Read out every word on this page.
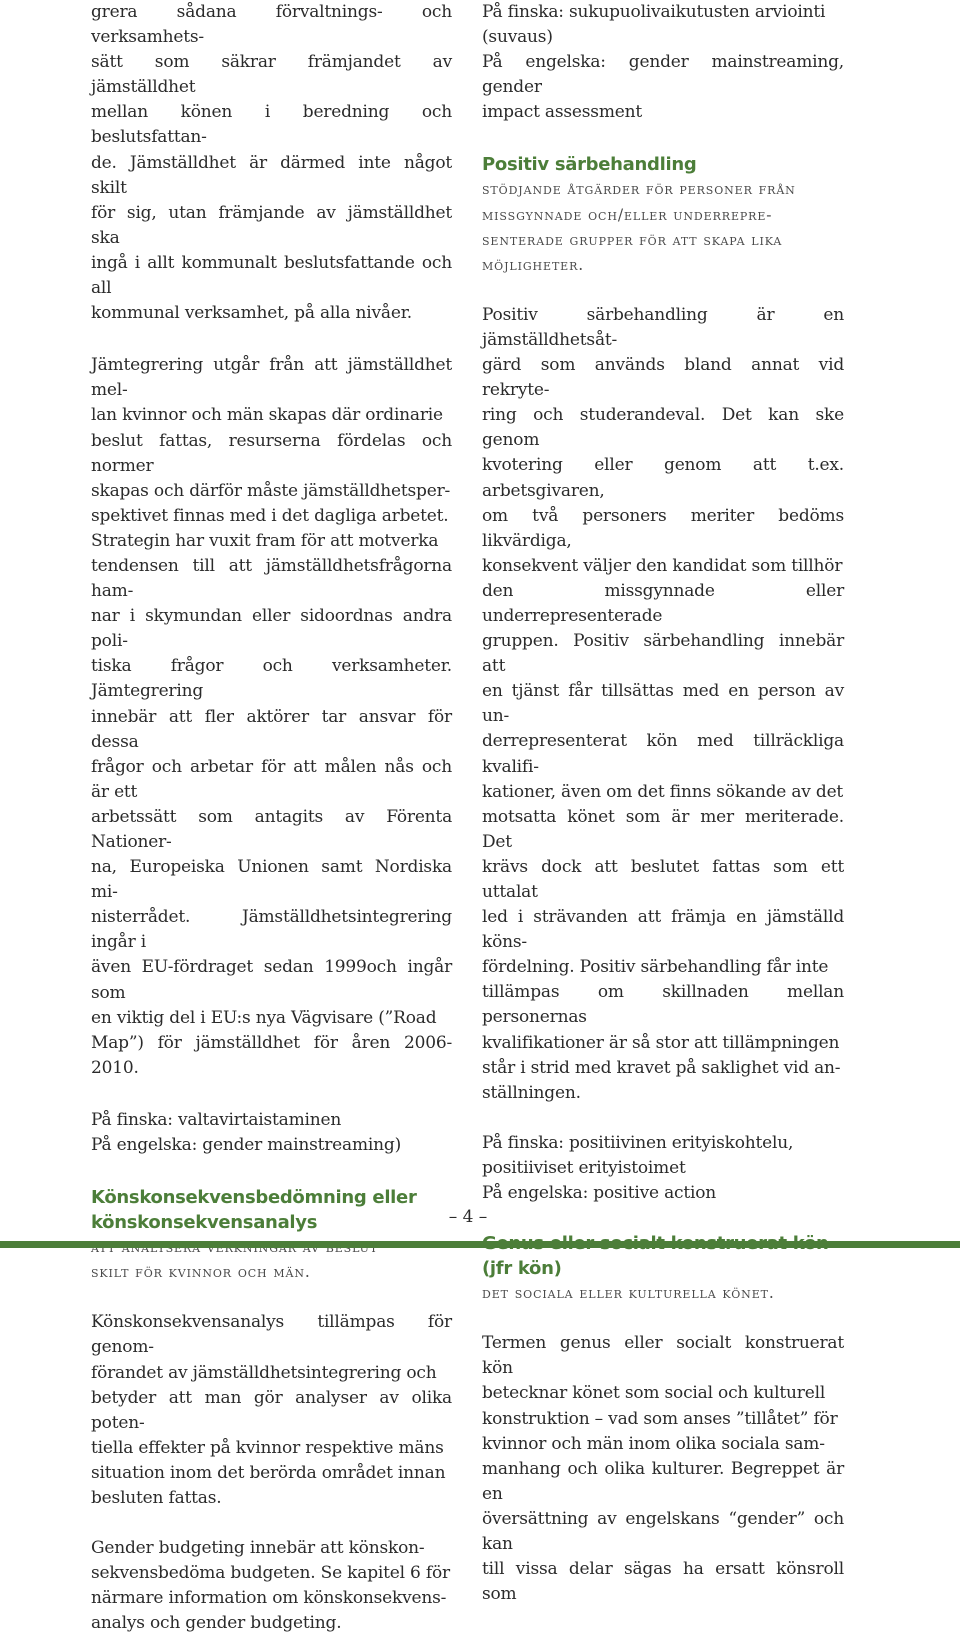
grera sådana förvaltnings- och verksamhets-
sätt som säkrar främjandet av jämställdhet
mellan könen i beredning och beslutsfattan-
de. Jämställdhet är därmed inte något skilt
för sig, utan främjande av jämställdhet ska
ingå i allt kommunalt beslutsfattande och all
kommunal verksamhet, på alla nivåer.

Jämtegrering utgår från att jämställdhet mel-
lan kvinnor och män skapas där ordinarie
beslut fattas, resurserna fördelas och normer
skapas och därför måste jämställdhetsper-
spektivet finnas med i det dagliga arbetet.
Strategin har vuxit fram för att motverka
tendensen till att jämställdhetsfrågorna ham-
nar i skymundan eller sidoordnas andra poli-
tiska frågor och verksamheter. Jämtegrering
innebär att fler aktörer tar ansvar för dessa
frågor och arbetar för att målen nås och är ett
arbetssätt som antagits av Förenta Nationer-
na, Europeiska Unionen samt Nordiska mi-
nisterrådet. Jämställdhetsintegrering ingår i
även EU-fördraget sedan 1999och ingår som
en viktig del i EU:s nya Vägvisare (”Road
Map”) för jämställdhet för åren 2006-2010.

På finska: valtavirtaistaminen
På engelska: gender mainstreaming)

Könskonsekvensbedömning eller
könskonsekvensanalys

skilt för kvinnor och män.

Könskonsekvensanalys tillämpas för genom-
förandet av jämställdhetsintegrering och
betyder att man gör analyser av olika poten-
tiella effekter på kvinnor respektive mäns
situation inom det berörda området innan
besluten fattas.

Gender budgeting innebär att könskon-
sekvensbedöma budgeten. Se kapitel 6 för
närmare information om könskonsekvens-
analys och gender budgeting.

På finska: sukupuolivaikutusten arviointi
(suvaus)
På engelska: gender mainstreaming, gender
impact assessment

Positiv särbehandling

stödjande åtgärder för personer från
missgynnade och/eller underrepre-
senterade grupper för att skapa lika
möjligheter.

Positiv särbehandling är en jämställdhetsåt-
gärd som används bland annat vid rekryte-
ring och studerandeval. Det kan ske genom
kvotering eller genom att t.ex. arbetsgivaren,
om två personers meriter bedöms likvärdiga,
konsekvent väljer den kandidat som tillhör
den missgynnade eller underrepresenterade
gruppen. Positiv särbehandling innebär att
en tjänst får tillsättas med en person av un-
derrepresenterat kön med tillräckliga kvalifi-
kationer, även om det finns sökande av det
motsatta könet som är mer meriterade. Det
krävs dock att beslutet fattas som ett uttalat
led i strävanden att främja en jämställd köns-
fördelning. Positiv särbehandling får inte
tillämpas om skillnaden mellan personernas
kvalifikationer är så stor att tillämpningen
står i strid med kravet på saklighet vid an-
ställningen.

På finska: positiivinen erityiskohtelu,
positiiviset erityistoimet
På engelska: positive action

(jfr kön)

det sociala eller kulturella könet.

Termen genus eller socialt konstruerat kön
betecknar könet som social och kulturell
konstruktion – vad som anses ”tillåtet” för
kvinnor och män inom olika sociala sam-
manhang och olika kulturer. Begreppet är en
översättning av engelskans “gender” och kan
till vissa delar sägas ha ersatt könsroll som

– 4 –
